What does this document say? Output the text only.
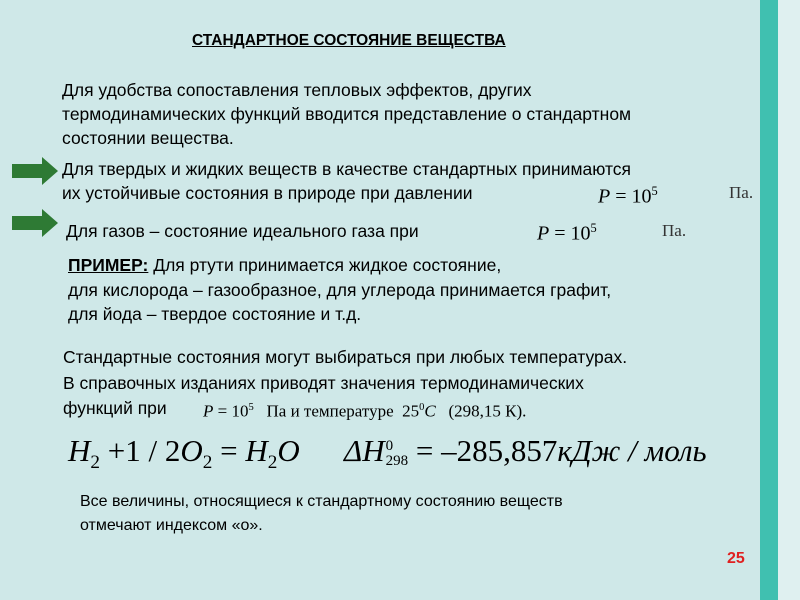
СТАНДАРТНОЕ СОСТОЯНИЕ ВЕЩЕСТВА
Для удобства сопоставления тепловых эффектов, других
термодинамических функций вводится представление о стандартном
состоянии вещества.
Для твердых и жидких веществ в качестве стандартных принимаются
их устойчивые состояния в природе при давлении	$P = 10^5$	Па.
Для газов – состояние идеального газа при	$P = 10^5$	Па.
ПРИМЕР: Для ртути принимается жидкое состояние,
для кислорода – газообразное, для углерода принимается графит,
для йода – твердое состояние и т.д.
Стандартные состояния могут выбираться при любых температурах.
В справочных изданиях приводят значения термодинамических
функций при $P = 10^5$ Па и температуре $25^0C$ (298,15 К).
$H_2 +1 / 2O_2 = H_2O$ ΔH 0
298 = –285,857кДж / моль
Все величины, относящиеся к стандартному состоянию веществ
отмечают индексом «о».
25
